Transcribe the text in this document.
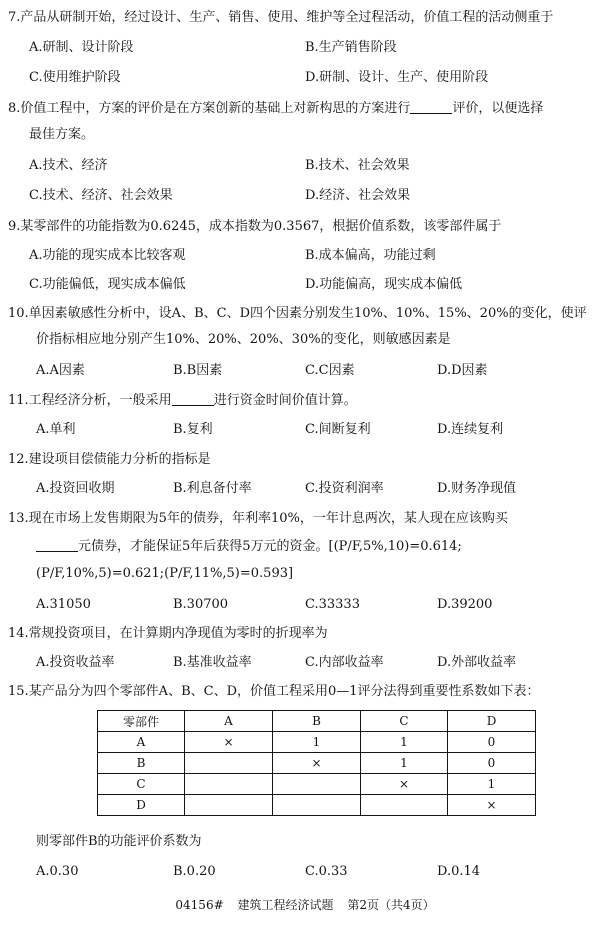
7.产品从研制开始，经过设计、生产、销售、使用、维护等全过程活动，价值工程的活动侧重于
A.研制、设计阶段	B.生产销售阶段
C.使用维护阶段	D.研制、设计、生产、使用阶段
8.价值工程中，方案的评价是在方案创新的基础上对新构思的方案进行	评价，以便选择
最佳方案。
A.技术、经济	B.技术、社会效果
C.技术、经济、社会效果	D.经济、社会效果
9.某零部件的功能指数为0.6245，成本指数为0.3567，根据价值系数，该零部件属于
A.功能的现实成本比较客观	B.成本偏高，功能过剩
C.功能偏低，现实成本偏低	D.功能偏高，现实成本偏低
10.单因素敏感性分析中，设A、B、C、D四个因素分别发生10%、10%、15%、20%的变化，使评
价指标相应地分别产生10%、20%、20%、30%的变化，则敏感因素是
A.A因素	B.B因素	C.C因素	D.D因素
11.工程经济分析，一般采用	进行资金时间价值计算。
A.单利	B.复利	C.间断复利	D.连续复利
12.建设项目偿债能力分析的指标是
A.投资回收期	B.利息备付率	C.投资利润率	D.财务净现值
13.现在市场上发售期限为5年的债券，年利率10%，一年计息两次，某人现在应该购买
元债券，才能保证5年后获得5万元的资金。[(P/F,5%,10)=0.614;
(P/F,10%,5)=0.621;(P/F,11%,5)=0.593]
A.31050	B.30700	C.33333	D.39200
14.常规投资项目，在计算期内净现值为零时的折现率为
A.投资收益率	B.基准收益率	C.内部收益率	D.外部收益率
15.某产品分为四个零部件A、B、C、D，价值工程采用0—1评分法得到重要性系数如下表：
零部件	A	B	C	D
A	×	1	1	0
B		×	1	0
C			×	1
D				×
则零部件B的功能评价系数为
A.0.30	B.0.20	C.0.33	D.0.14
04156# 建筑工程经济试题 第2页（共4页）
